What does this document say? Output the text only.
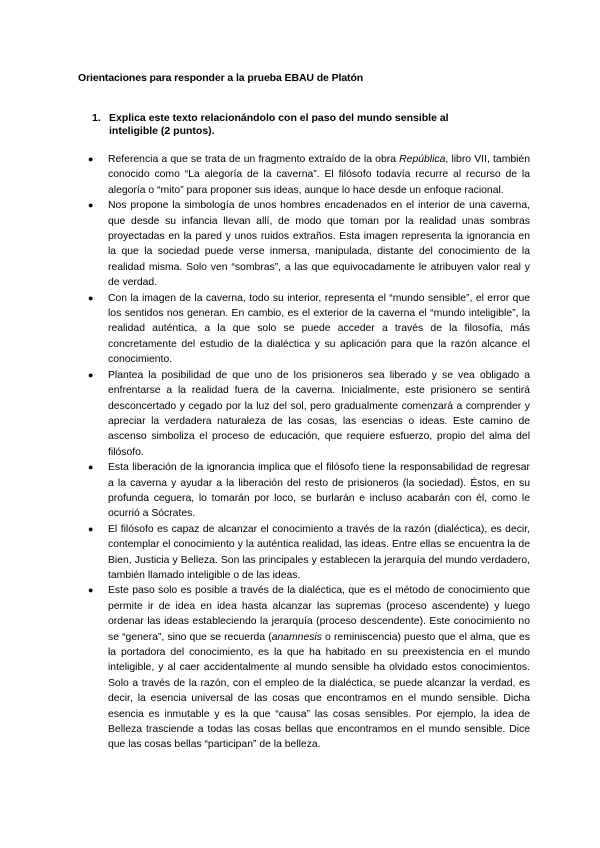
Orientaciones para responder a la prueba EBAU de Platón
1. Explica este texto relacionándolo con el paso del mundo sensible al inteligible (2 puntos).
● Referencia a que se trata de un fragmento extraído de la obra República, libro VII, también conocido como “La alegoría de la caverna”. El filósofo todavía recurre al recurso de la alegoría o “mito” para proponer sus ideas, aunque lo hace desde un enfoque racional.
● Nos propone la simbología de unos hombres encadenados en el interior de una caverna, que desde su infancia llevan allí, de modo que toman por la realidad unas sombras proyectadas en la pared y unos ruidos extraños. Esta imagen representa la ignorancia en la que la sociedad puede verse inmersa, manipulada, distante del conocimiento de la realidad misma. Solo ven “sombras”, a las que equivocadamente le atribuyen valor real y de verdad.
● Con la imagen de la caverna, todo su interior, representa el “mundo sensible”, el error que los sentidos nos generan. En cambio, es el exterior de la caverna el “mundo inteligible”, la realidad auténtica, a la que solo se puede acceder a través de la filosofía, más concretamente del estudio de la dialéctica y su aplicación para que la razón alcance el conocimiento.
● Plantea la posibilidad de que uno de los prisioneros sea liberado y se vea obligado a enfrentarse a la realidad fuera de la caverna. Inicialmente, este prisionero se sentirá desconcertado y cegado por la luz del sol, pero gradualmente comenzará a comprender y apreciar la verdadera naturaleza de las cosas, las esencias o ideas. Este camino de ascenso simboliza el proceso de educación, que requiere esfuerzo, propio del alma del filósofo.
● Esta liberación de la ignorancia implica que el filósofo tiene la responsabilidad de regresar a la caverna y ayudar a la liberación del resto de prisioneros (la sociedad). Éstos, en su profunda ceguera, lo tomarán por loco, se burlarán e incluso acabarán con él, como le ocurrió a Sócrates.
● El filósofo es capaz de alcanzar el conocimiento a través de la razón (dialéctica), es decir, contemplar el conocimiento y la auténtica realidad, las ideas. Entre ellas se encuentra la de Bien, Justicia y Belleza. Son las principales y establecen la jerarquía del mundo verdadero, también llamado inteligible o de las ideas.
● Este paso solo es posible a través de la dialéctica, que es el método de conocimiento que permite ir de idea en idea hasta alcanzar las supremas (proceso ascendente) y luego ordenar las ideas estableciendo la jerarquía (proceso descendente). Este conocimiento no se “genera”, sino que se recuerda (anamnesis o reminiscencia) puesto que el alma, que es la portadora del conocimiento, es la que ha habitado en su preexistencia en el mundo inteligible, y al caer accidentalmente al mundo sensible ha olvidado estos conocimientos. Solo a través de la razón, con el empleo de la dialéctica, se puede alcanzar la verdad, es decir, la esencia universal de las cosas que encontramos en el mundo sensible. Dicha esencia es inmutable y es la que “causa” las cosas sensibles. Por ejemplo, la idea de Belleza trasciende a todas las cosas bellas que encontramos en el mundo sensible. Dice que las cosas bellas “participan” de la belleza.
